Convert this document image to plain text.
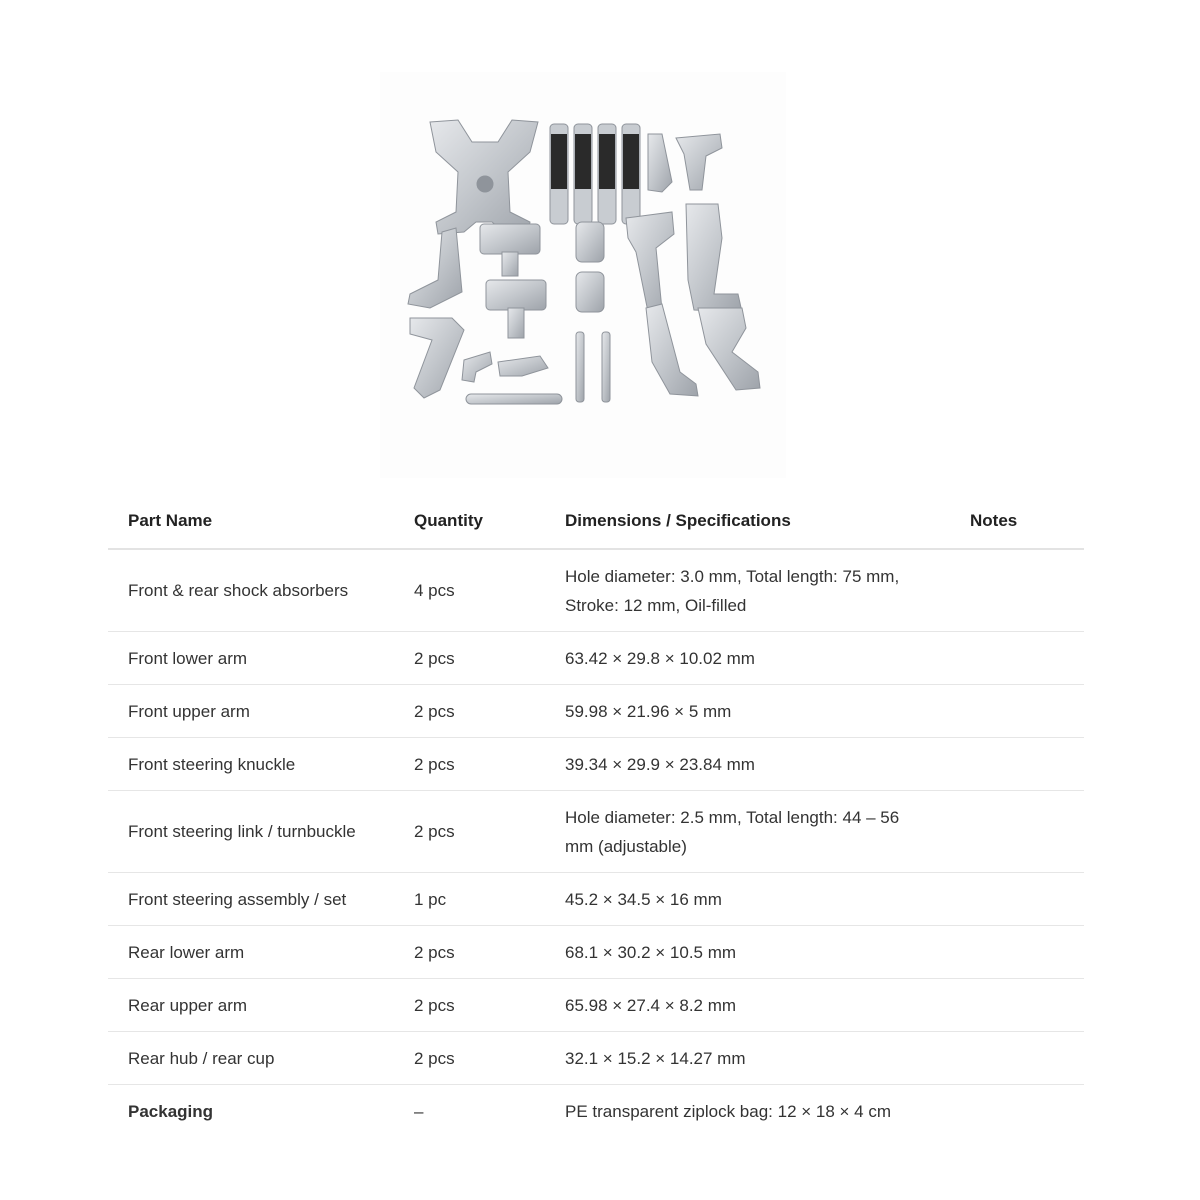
Part Name	Quantity	Dimensions / Specifications	Notes
Front & rear shock absorbers	4 pcs	Hole diameter: 3.0 mm, Total length: 75 mm, Stroke: 12 mm, Oil-filled	

Front lower arm	2 pcs	63.42 × 29.8 × 10.02 mm	
Front upper arm	2 pcs	59.98 × 21.96 × 5 mm	
Front steering knuckle	2 pcs	39.34 × 29.9 × 23.84 mm	
Front steering link / turnbuckle	2 pcs	Hole diameter: 2.5 mm, Total length: 44 – 56 mm (adjustable)	

Front steering assembly / set	1 pc	45.2 × 34.5 × 16 mm	
Rear lower arm	2 pcs	68.1 × 30.2 × 10.5 mm	
Rear upper arm	2 pcs	65.98 × 27.4 × 8.2 mm	
Rear hub / rear cup	2 pcs	32.1 × 15.2 × 14.27 mm	
Packaging	–	PE transparent ziplock bag: 12 × 18 × 4 cm	
